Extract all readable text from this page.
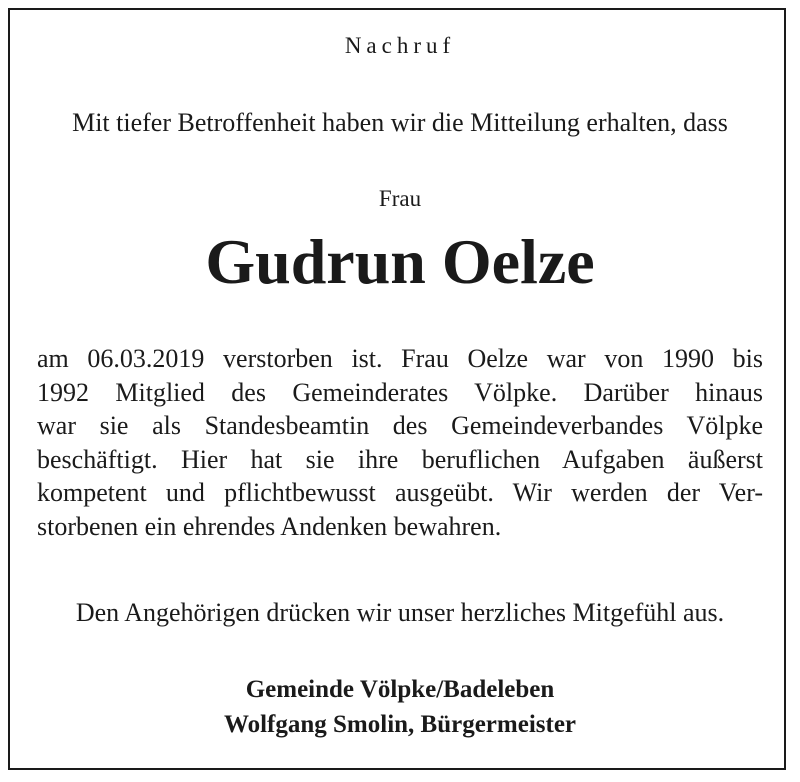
Nachruf
Mit tiefer Betroffenheit haben wir die Mitteilung erhalten, dass
Frau
Gudrun Oelze
am 06.03.2019 verstorben ist. Frau Oelze war von 1990 bis
1992 Mitglied des Gemeinderates Völpke. Darüber hinaus
war sie als Standesbeamtin des Gemeindeverbandes Völpke
beschäftigt. Hier hat sie ihre beruflichen Aufgaben äußerst
kompetent und pflichtbewusst ausgeübt. Wir werden der Ver-
storbenen ein ehrendes Andenken bewahren.
Den Angehörigen drücken wir unser herzliches Mitgefühl aus.
Gemeinde Völpke/Badeleben
Wolfgang Smolin, Bürgermeister
